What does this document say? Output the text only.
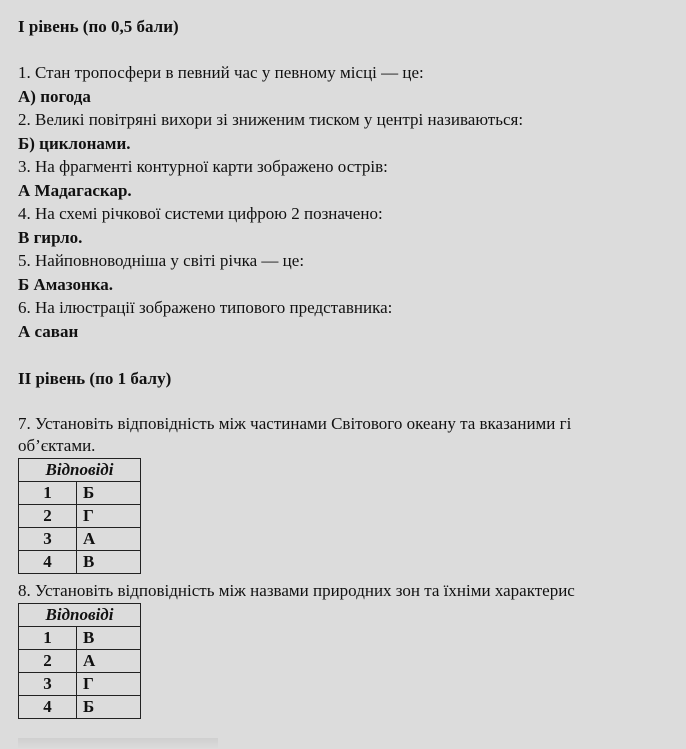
І рівень (по 0,5 бали)
1. Стан тропосфери в певний час у певному місці — це:
А) погода
2. Великі повітряні вихори зі зниженим тиском у центрі називаються:
Б) циклонами.
3. На фрагменті контурної карти зображено острів:
А Мадагаскар.
4. На схемі річкової системи цифрою 2 позначено:
В гирло.
5. Найповноводніша у світі річка — це:
Б Амазонка.
6. На ілюстрації зображено типового представника:
А саван
ІІ рівень (по 1 балу)
7. Установіть відповідність між частинами Світового океану та вказаними гі
об’єктами.
Відповіді	
1	Б
2	Г
3	А
4	В
8. Установіть відповідність між назвами природних зон та їхніми характерис
Відповіді	
1	В
2	А
3	Г
4	Б
